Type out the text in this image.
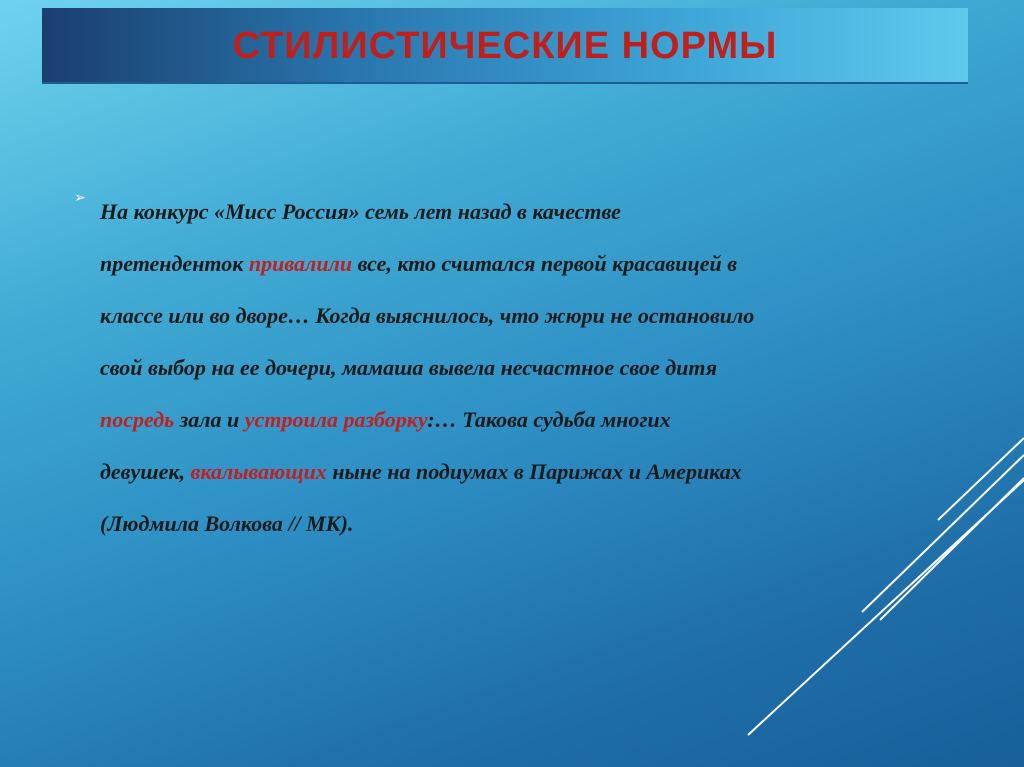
СТИЛИСТИЧЕСКИЕ НОРМЫ
➢
На конкурс «Мисс Россия» семь лет назад в качестве
претенденток привалили все, кто считался первой красавицей в
классе или во дворе… Когда выяснилось, что жюри не остановило
свой выбор на ее дочери, мамаша вывела несчастное свое дитя
посредь зала и устроила разборку:… Такова судьба многих
девушек, вкалывающих ныне на подиумах в Парижах и Америках
(Людмила Волкова // МК).
